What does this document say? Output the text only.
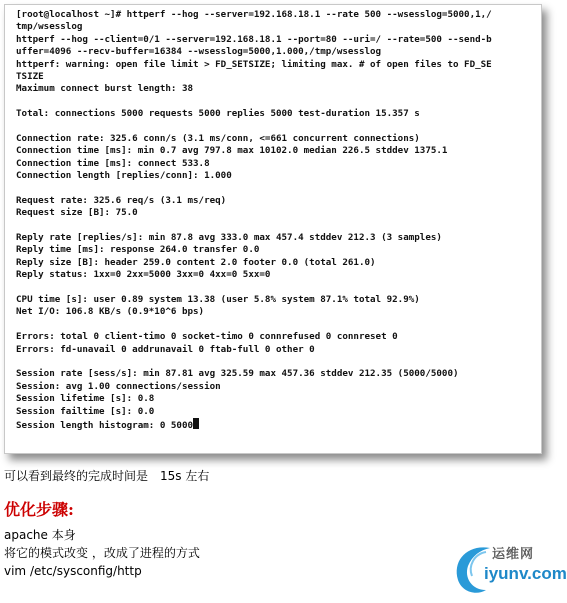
[root@localhost ~]# httperf --hog --server=192.168.18.1 --rate 500 --wsesslog=5000,1,/
tmp/wsesslog
httperf --hog --client=0/1 --server=192.168.18.1 --port=80 --uri=/ --rate=500 --send-b
uffer=4096 --recv-buffer=16384 --wsesslog=5000,1.000,/tmp/wsesslog
httperf: warning: open file limit > FD_SETSIZE; limiting max. # of open files to FD_SE
TSIZE
Maximum connect burst length: 38
Total: connections 5000 requests 5000 replies 5000 test-duration 15.357 s
Connection rate: 325.6 conn/s (3.1 ms/conn, <=661 concurrent connections)
Connection time [ms]: min 0.7 avg 797.8 max 10102.0 median 226.5 stddev 1375.1
Connection time [ms]: connect 533.8
Connection length [replies/conn]: 1.000
Request rate: 325.6 req/s (3.1 ms/req)
Request size [B]: 75.0
Reply rate [replies/s]: min 87.8 avg 333.0 max 457.4 stddev 212.3 (3 samples)
Reply time [ms]: response 264.0 transfer 0.0
Reply size [B]: header 259.0 content 2.0 footer 0.0 (total 261.0)
Reply status: 1xx=0 2xx=5000 3xx=0 4xx=0 5xx=0
CPU time [s]: user 0.89 system 13.38 (user 5.8% system 87.1% total 92.9%)
Net I/O: 106.8 KB/s (0.9*10^6 bps)
Errors: total 0 client-timo 0 socket-timo 0 connrefused 0 connreset 0
Errors: fd-unavail 0 addrunavail 0 ftab-full 0 other 0
Session rate [sess/s]: min 87.81 avg 325.59 max 457.36 stddev 212.35 (5000/5000)
Session: avg 1.00 connections/session
Session lifetime [s]: 0.8
Session failtime [s]: 0.0
Session length histogram: 0 5000
可以看到最终的完成时间是 15s 左右
优化步骤:
apache 本身
将它的模式改变 ，改成了进程的方式
vim /etc/sysconfig/http
运维网
iyunv.com
